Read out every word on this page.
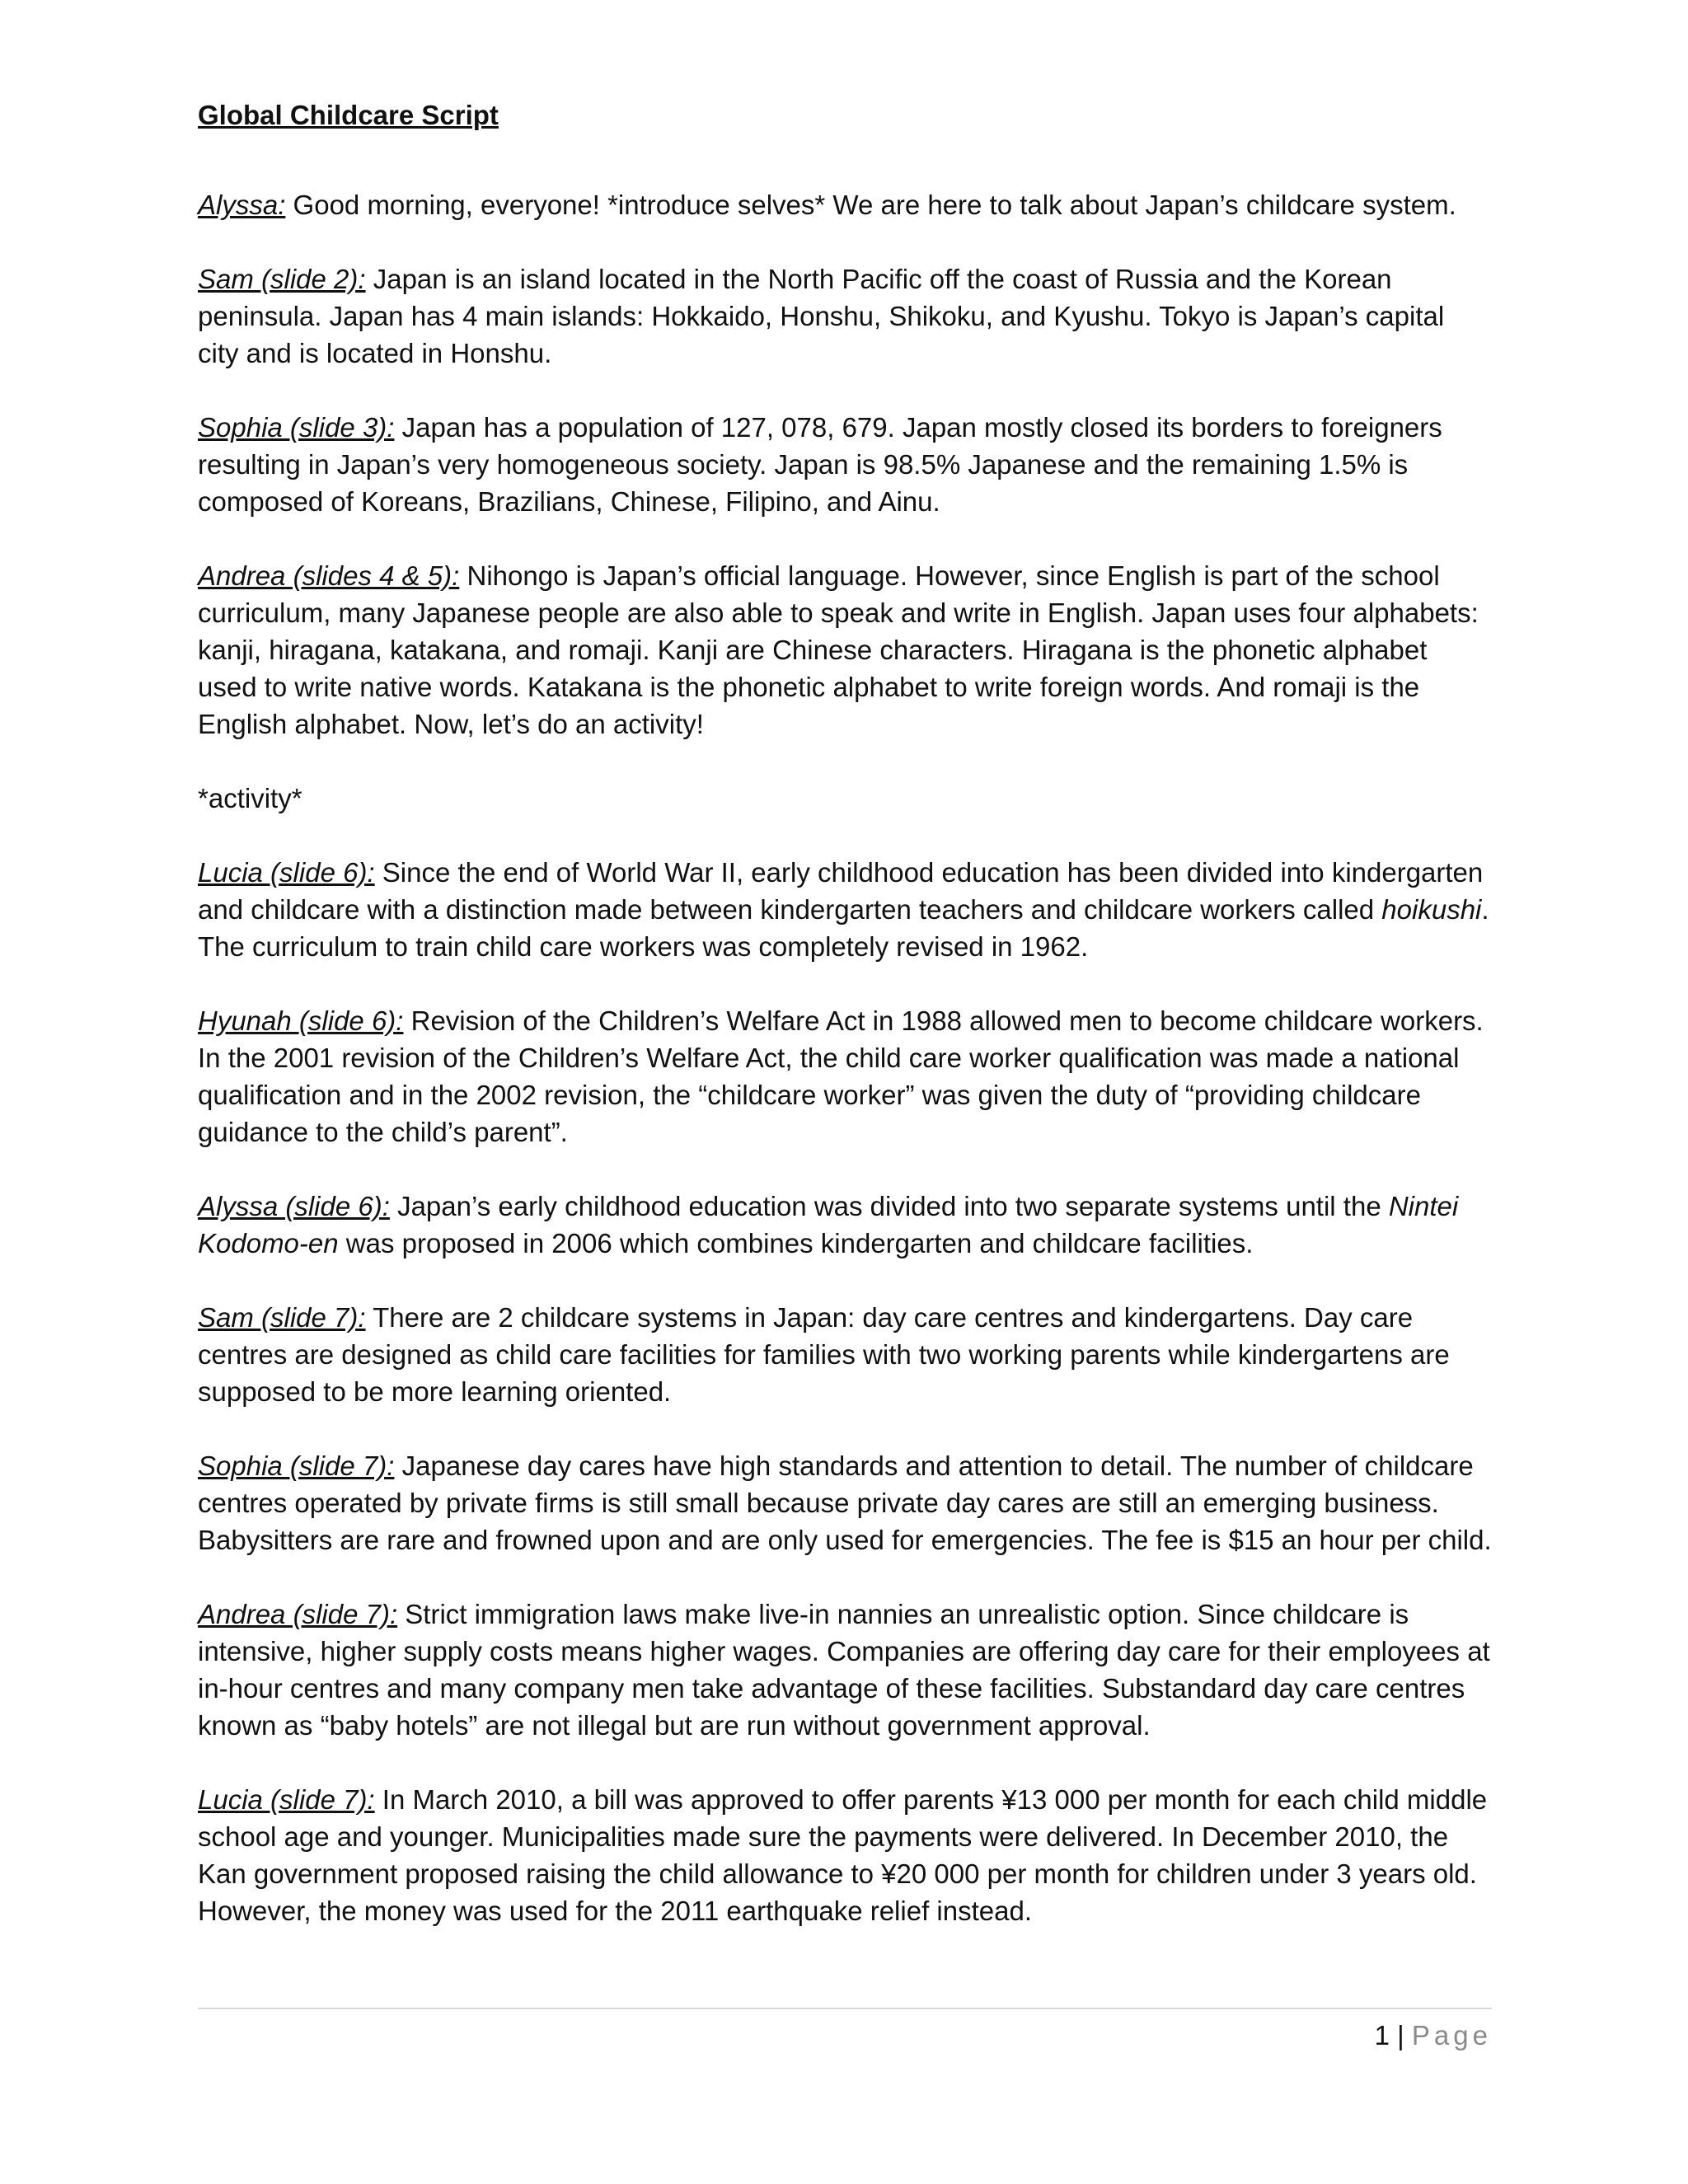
Global Childcare Script

Alyssa: Good morning, everyone! *introduce selves* We are here to talk about Japan’s childcare system.

Sam (slide 2): Japan is an island located in the North Pacific off the coast of Russia and the Korean peninsula. Japan has 4 main islands: Hokkaido, Honshu, Shikoku, and Kyushu. Tokyo is Japan’s capital city and is located in Honshu.

Sophia (slide 3): Japan has a population of 127, 078, 679. Japan mostly closed its borders to foreigners resulting in Japan’s very homogeneous society. Japan is 98.5% Japanese and the remaining 1.5% is composed of Koreans, Brazilians, Chinese, Filipino, and Ainu.

Andrea (slides 4 & 5): Nihongo is Japan’s official language. However, since English is part of the school curriculum, many Japanese people are also able to speak and write in English. Japan uses four alphabets: kanji, hiragana, katakana, and romaji. Kanji are Chinese characters. Hiragana is the phonetic alphabet used to write native words. Katakana is the phonetic alphabet to write foreign words. And romaji is the English alphabet. Now, let’s do an activity!

*activity*

Lucia (slide 6): Since the end of World War II, early childhood education has been divided into kindergarten and childcare with a distinction made between kindergarten teachers and childcare workers called hoikushi. The curriculum to train child care workers was completely revised in 1962.

Hyunah (slide 6): Revision of the Children’s Welfare Act in 1988 allowed men to become childcare workers. In the 2001 revision of the Children’s Welfare Act, the child care worker qualification was made a national qualification and in the 2002 revision, the “childcare worker” was given the duty of “providing childcare guidance to the child’s parent”.

Alyssa (slide 6): Japan’s early childhood education was divided into two separate systems until the Nintei Kodomo-en was proposed in 2006 which combines kindergarten and childcare facilities.

Sam (slide 7): There are 2 childcare systems in Japan: day care centres and kindergartens. Day care centres are designed as child care facilities for families with two working parents while kindergartens are supposed to be more learning oriented.

Sophia (slide 7): Japanese day cares have high standards and attention to detail. The number of childcare centres operated by private firms is still small because private day cares are still an emerging business. Babysitters are rare and frowned upon and are only used for emergencies. The fee is $15 an hour per child.

Andrea (slide 7): Strict immigration laws make live-in nannies an unrealistic option. Since childcare is intensive, higher supply costs means higher wages. Companies are offering day care for their employees at in-hour centres and many company men take advantage of these facilities. Substandard day care centres known as “baby hotels” are not illegal but are run without government approval.

Lucia (slide 7): In March 2010, a bill was approved to offer parents ¥13 000 per month for each child middle school age and younger. Municipalities made sure the payments were delivered. In December 2010, the Kan government proposed raising the child allowance to ¥20 000 per month for children under 3 years old. However, the money was used for the 2011 earthquake relief instead.

1 | Page
